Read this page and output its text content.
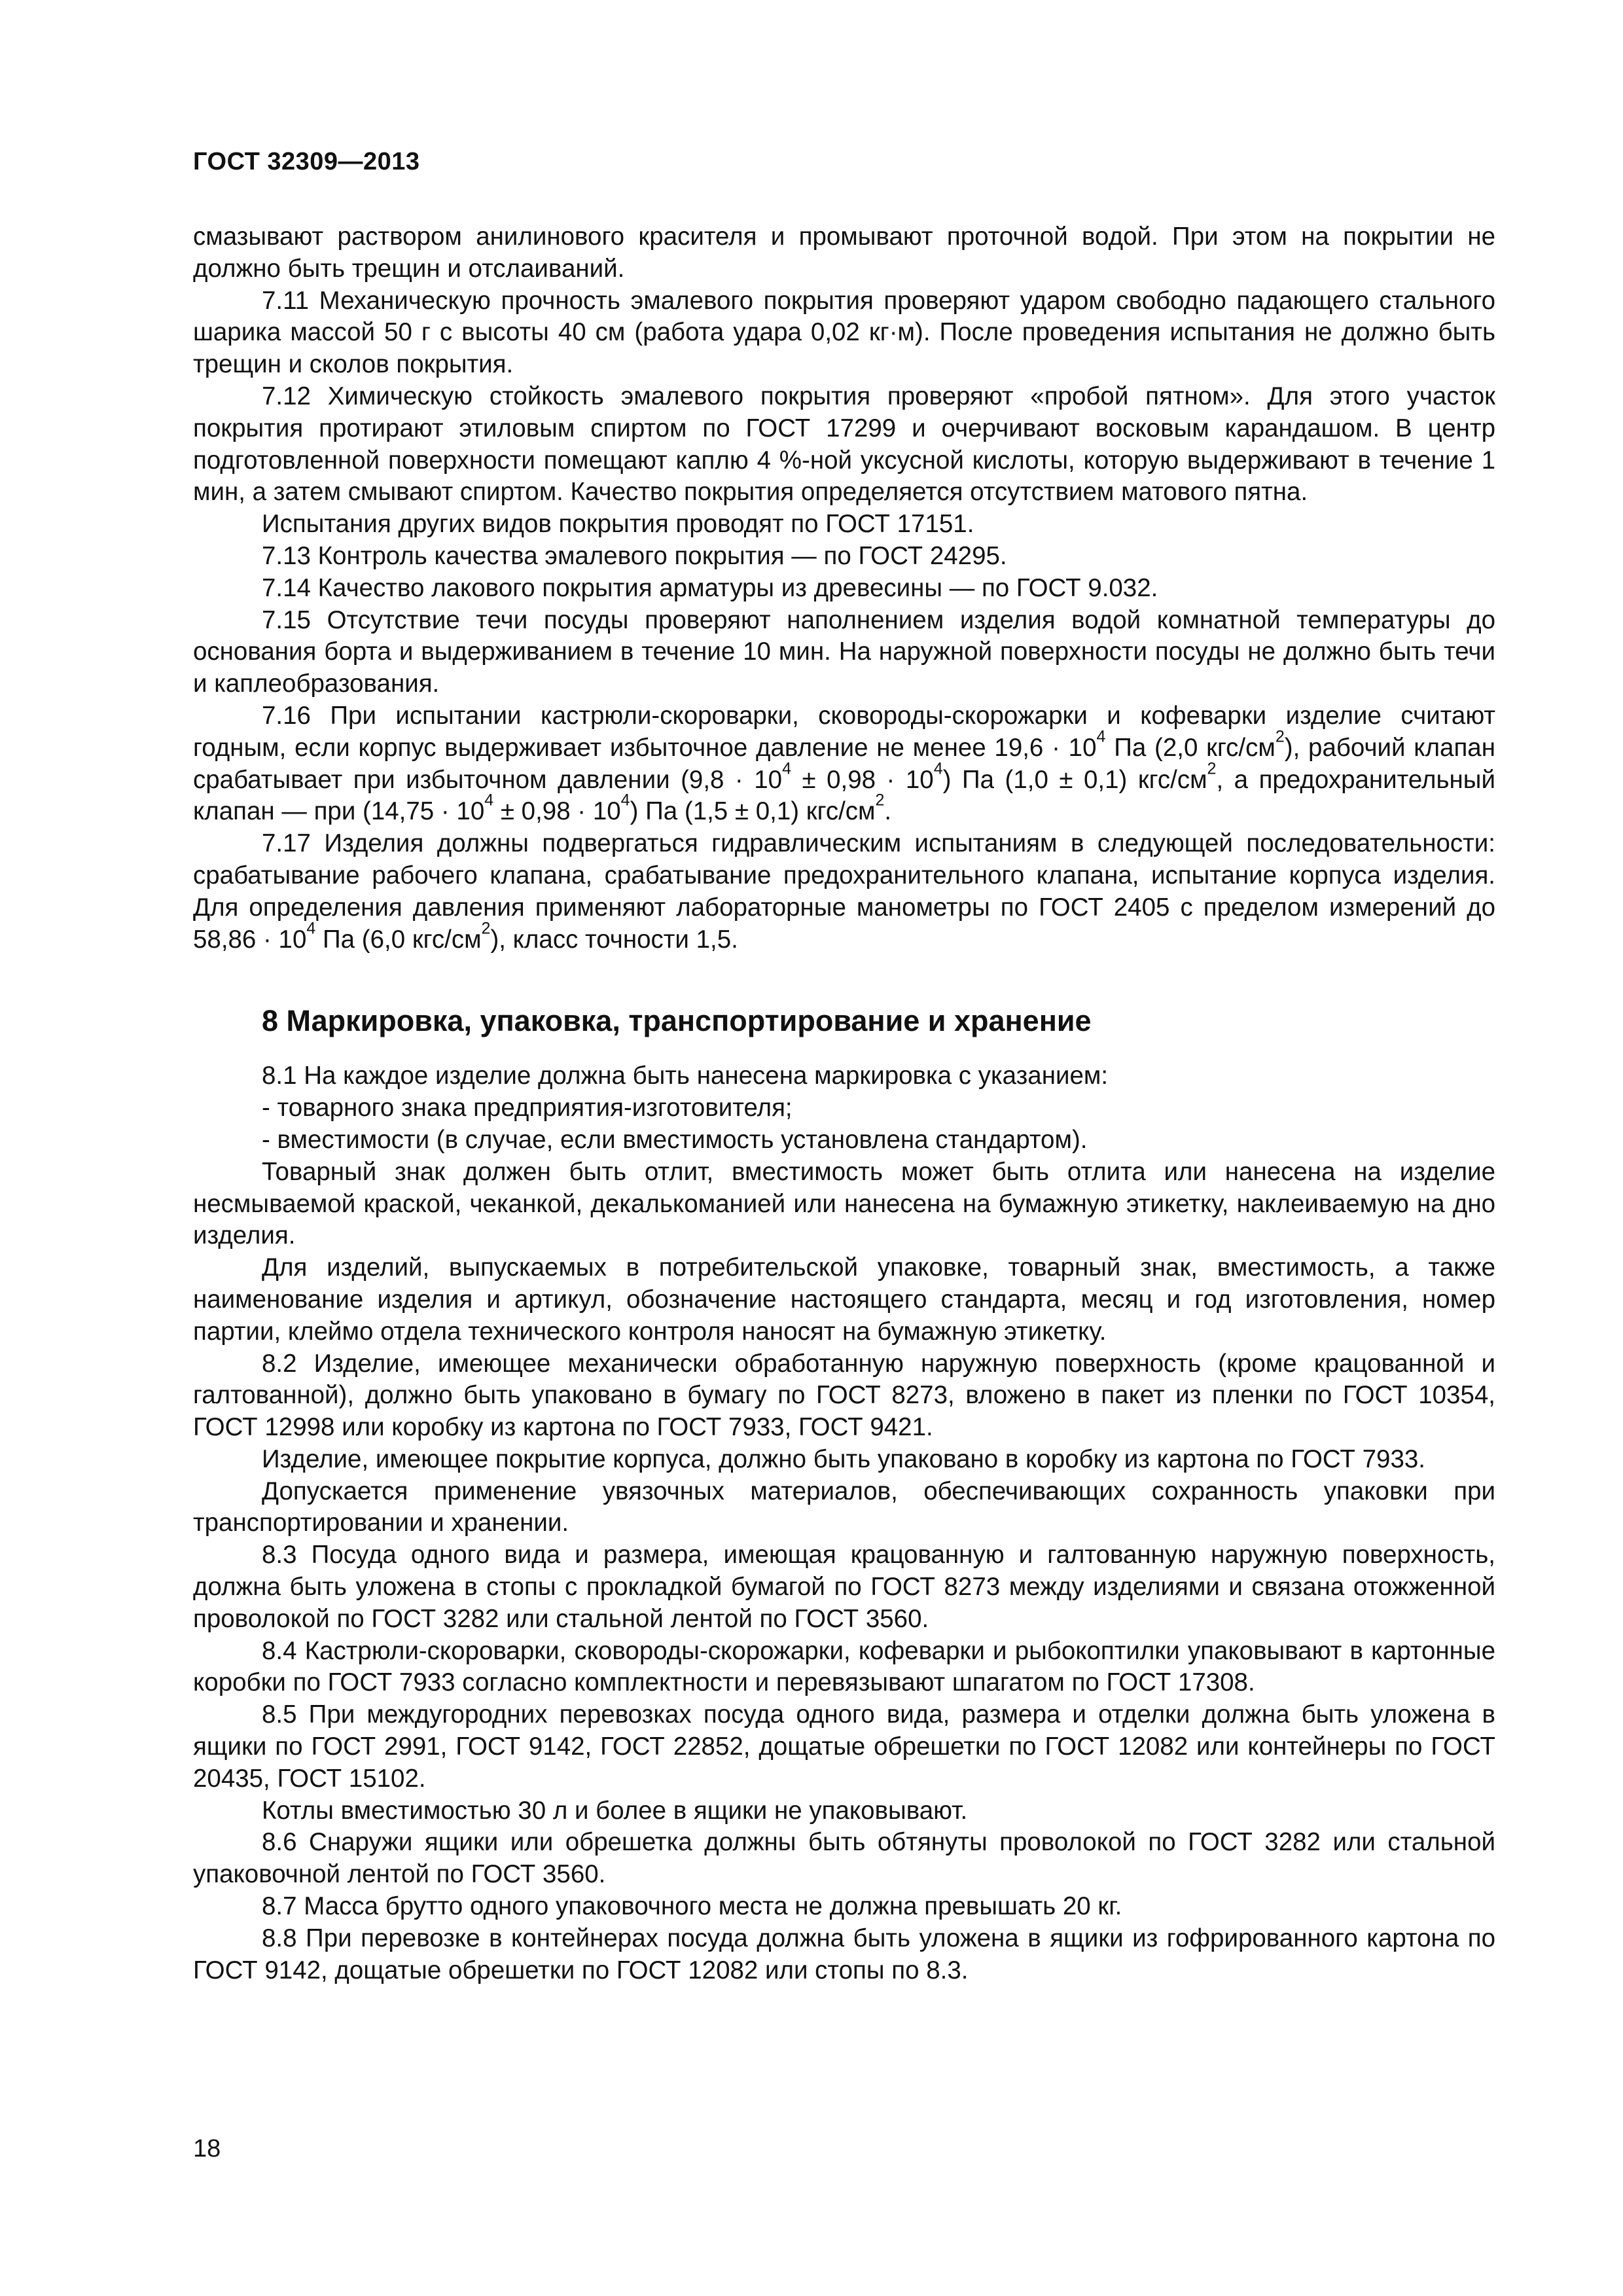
ГОСТ 32309—2013

смазывают раствором анилинового красителя и промывают проточной водой. При этом на покрытии не должно быть трещин и отслаиваний.

7.11 Механическую прочность эмалевого покрытия проверяют ударом свободно падающего стального шарика массой 50 г с высоты 40 см (работа удара 0,02 кг·м). После проведения испытания не должно быть трещин и сколов покрытия.

7.12 Химическую стойкость эмалевого покрытия проверяют «пробой пятном». Для этого участок покрытия протирают этиловым спиртом по ГОСТ 17299 и очерчивают восковым карандашом. В центр подготовленной поверхности помещают каплю 4 %-ной уксусной кислоты, которую выдерживают в течение 1 мин, а затем смывают спиртом. Качество покрытия определяется отсутствием матового пятна.

Испытания других видов покрытия проводят по ГОСТ 17151.

7.13 Контроль качества эмалевого покрытия — по ГОСТ 24295.

7.14 Качество лакового покрытия арматуры из древесины — по ГОСТ 9.032.

7.15 Отсутствие течи посуды проверяют наполнением изделия водой комнатной температуры до основания борта и выдерживанием в течение 10 мин. На наружной поверхности посуды не должно быть течи и каплеобразования.

7.16 При испытании кастрюли-скороварки, сковороды-скорожарки и кофеварки изделие считают годным, если корпус выдерживает избыточное давление не менее $19,6 \cdot 10^4$ Па (2,0 кгс/$см^2$), рабочий клапан срабатывает при избыточном давлении $(9,8 \cdot 10^4 \pm 0,98 \cdot 10^4)$ Па (1,0 ± 0,1) кгс/$см^2$, а предохранительный клапан — при $(14,75 \cdot 10^4 \pm 0,98 \cdot 10^4)$ Па (1,5 ± 0,1) кгс/$см^2$.

7.17 Изделия должны подвергаться гидравлическим испытаниям в следующей последовательности: срабатывание рабочего клапана, срабатывание предохранительного клапана, испытание корпуса изделия. Для определения давления применяют лабораторные манометры по ГОСТ 2405 с пределом измерений до $58,86 \cdot 10^4$ Па (6,0 кгс/$см^2$), класс точности 1,5.

8 Маркировка, упаковка, транспортирование и хранение

8.1 На каждое изделие должна быть нанесена маркировка с указанием:

- товарного знака предприятия-изготовителя;

- вместимости (в случае, если вместимость установлена стандартом).

Товарный знак должен быть отлит, вместимость может быть отлита или нанесена на изделие несмываемой краской, чеканкой, декалькоманией или нанесена на бумажную этикетку, наклеиваемую на дно изделия.

Для изделий, выпускаемых в потребительской упаковке, товарный знак, вместимость, а также наименование изделия и артикул, обозначение настоящего стандарта, месяц и год изготовления, номер партии, клеймо отдела технического контроля наносят на бумажную этикетку.

8.2 Изделие, имеющее механически обработанную наружную поверхность (кроме крацованной и галтованной), должно быть упаковано в бумагу по ГОСТ 8273, вложено в пакет из пленки по ГОСТ 10354, ГОСТ 12998 или коробку из картона по ГОСТ 7933, ГОСТ 9421.

Изделие, имеющее покрытие корпуса, должно быть упаковано в коробку из картона по ГОСТ 7933.

Допускается применение увязочных материалов, обеспечивающих сохранность упаковки при транспортировании и хранении.

8.3 Посуда одного вида и размера, имеющая крацованную и галтованную наружную поверхность, должна быть уложена в стопы с прокладкой бумагой по ГОСТ 8273 между изделиями и связана отожженной проволокой по ГОСТ 3282 или стальной лентой по ГОСТ 3560.

8.4 Кастрюли-скороварки, сковороды-скорожарки, кофеварки и рыбокоптилки упаковывают в картонные коробки по ГОСТ 7933 согласно комплектности и перевязывают шпагатом по ГОСТ 17308.

8.5 При междугородних перевозках посуда одного вида, размера и отделки должна быть уложена в ящики по ГОСТ 2991, ГОСТ 9142, ГОСТ 22852, дощатые обрешетки по ГОСТ 12082 или контейнеры по ГОСТ 20435, ГОСТ 15102.

Котлы вместимостью 30 л и более в ящики не упаковывают.

8.6 Снаружи ящики или обрешетка должны быть обтянуты проволокой по ГОСТ 3282 или стальной упаковочной лентой по ГОСТ 3560.

8.7 Масса брутто одного упаковочного места не должна превышать 20 кг.

8.8 При перевозке в контейнерах посуда должна быть уложена в ящики из гофрированного картона по ГОСТ 9142, дощатые обрешетки по ГОСТ 12082 или стопы по 8.3.

18
